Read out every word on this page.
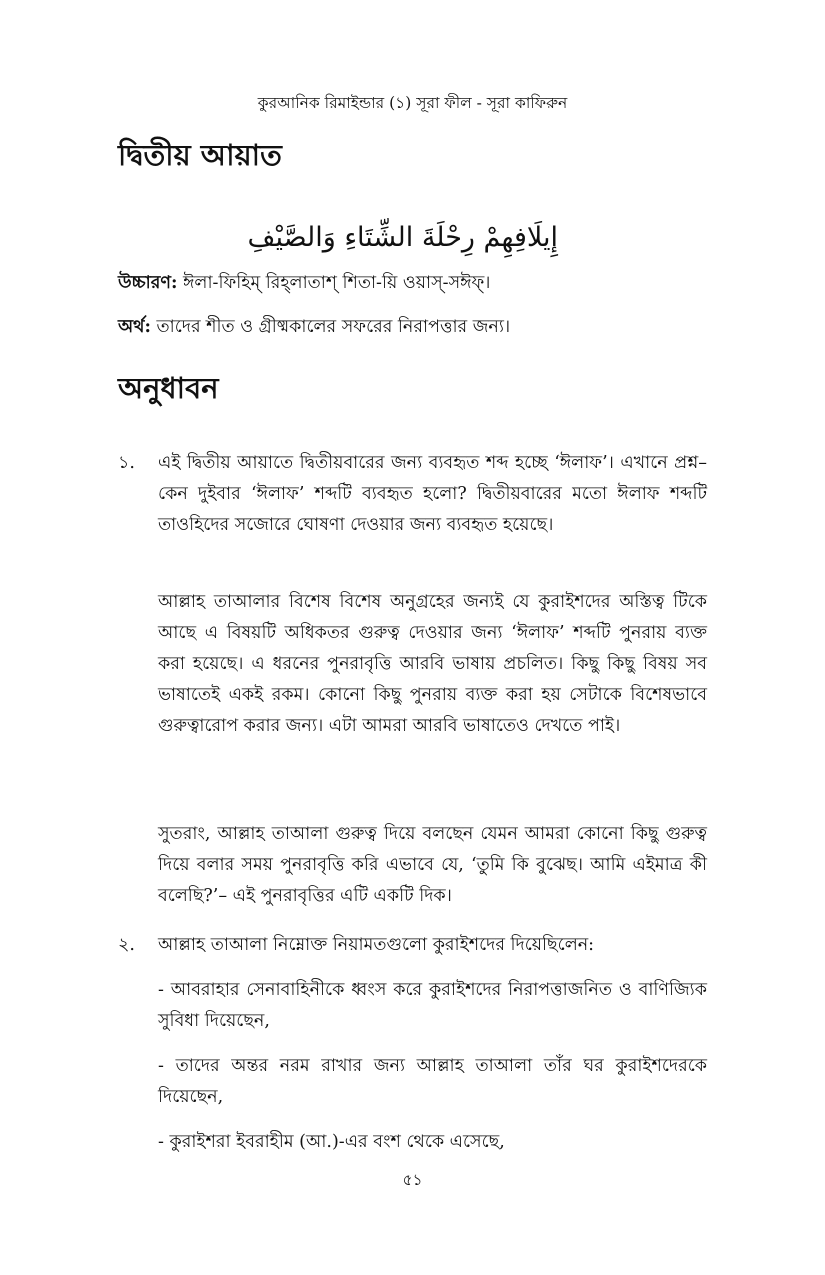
কুরআনিক রিমাইন্ডার (১) সূরা ফীল - সূরা কাফিরুন
দ্বিতীয় আয়াত
إِيلَافِهِمْ رِحْلَةَ الشِّتَاءِ وَالصَّيْفِ
উচ্চারণ: ঈলা-ফিহিম্ রিহ্‌লাতাশ্ শিতা-য়ি ওয়াস্-সঈফ্।
অর্থ: তাদের শীত ও গ্রীষ্মকালের সফরের নিরাপত্তার জন্য।
অনুধাবন
১.	এই দ্বিতীয় আয়াতে দ্বিতীয়বারের জন্য ব্যবহৃত শব্দ হচ্ছে ‘ঈলাফ’। এখানে প্রশ্ন– কেন দুইবার ‘ঈলাফ’ শব্দটি ব্যবহৃত হলো? দ্বিতীয়বারের মতো ঈলাফ শব্দটি তাওহিদের সজোরে ঘোষণা দেওয়ার জন্য ব্যবহৃত হয়েছে।
আল্লাহ তাআলার বিশেষ বিশেষ অনুগ্রহের জন্যই যে কুরাইশদের অস্তিত্ব টিকে আছে এ বিষয়টি অধিকতর গুরুত্ব দেওয়ার জন্য ‘ঈলাফ’ শব্দটি পুনরায় ব্যক্ত করা হয়েছে। এ ধরনের পুনরাবৃত্তি আরবি ভাষায় প্রচলিত। কিছু কিছু বিষয় সব ভাষাতেই একই রকম। কোনো কিছু পুনরায় ব্যক্ত করা হয় সেটাকে বিশেষভাবে গুরুত্বারোপ করার জন্য। এটা আমরা আরবি ভাষাতেও দেখতে পাই।
সুতরাং, আল্লাহ তাআলা গুরুত্ব দিয়ে বলছেন যেমন আমরা কোনো কিছু গুরুত্ব দিয়ে বলার সময় পুনরাবৃত্তি করি এভাবে যে, ‘তুমি কি বুঝেছ। আমি এইমাত্র কী বলেছি?’– এই পুনরাবৃত্তির এটি একটি দিক।
২.	আল্লাহ তাআলা নিম্নোক্ত নিয়ামতগুলো কুরাইশদের দিয়েছিলেন:
- আবরাহার সেনাবাহিনীকে ধ্বংস করে কুরাইশদের নিরাপত্তাজনিত ও বাণিজ্যিক সুবিধা দিয়েছেন,
- তাদের অন্তর নরম রাখার জন্য আল্লাহ তাআলা তাঁর ঘর কুরাইশদেরকে দিয়েছেন,
- কুরাইশরা ইবরাহীম (আ.)-এর বংশ থেকে এসেছে,
৫১
